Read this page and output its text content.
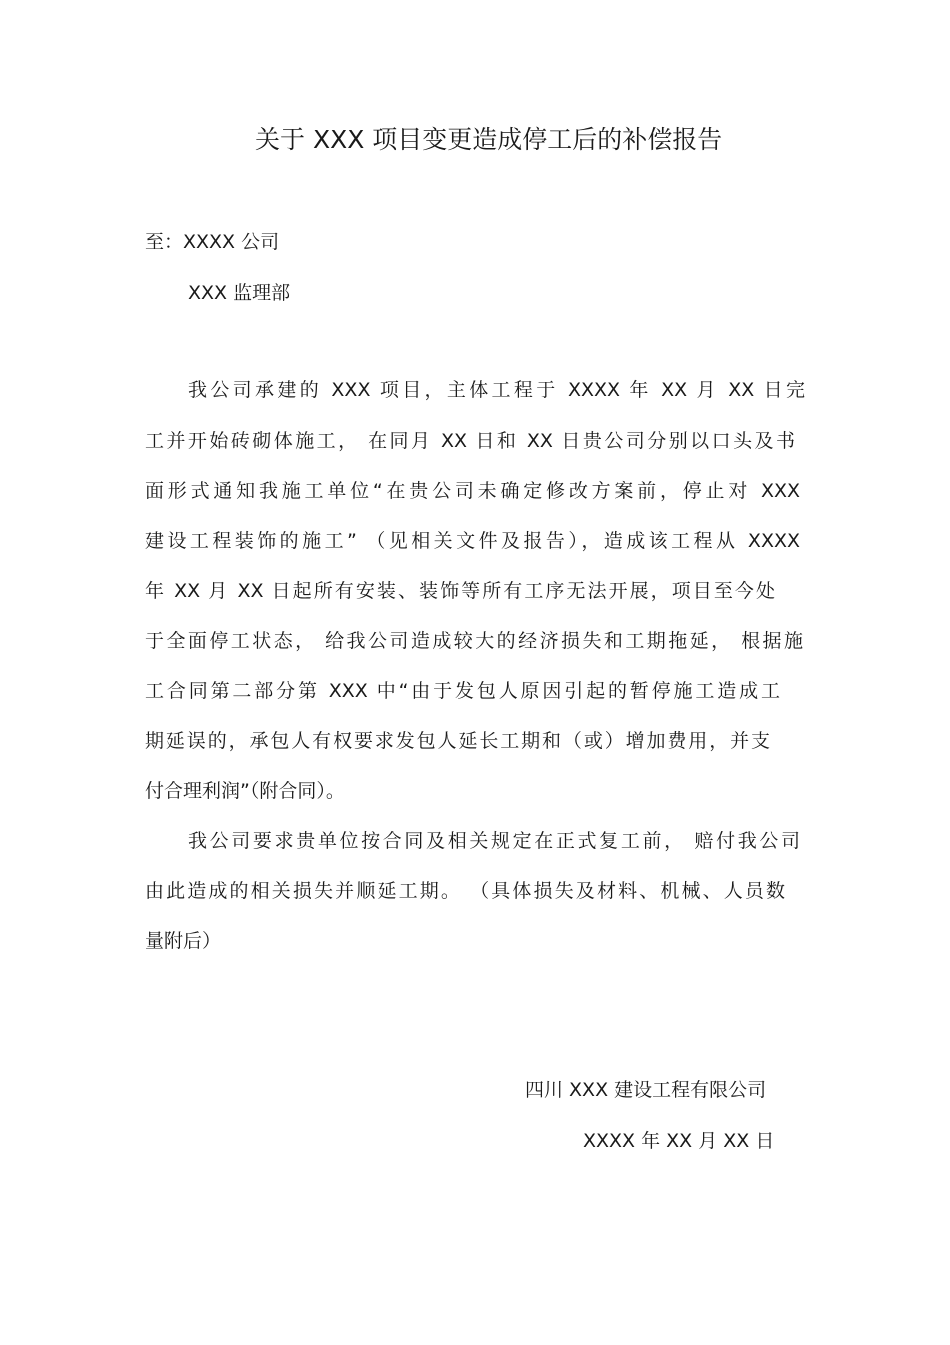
关于 XXX 项目变更造成停工后的补偿报告
至：XXXX 公司
XXX 监理部
我公司承建的 XXX 项目，主体工程于 XXXX 年 XX 月 XX 日完
工并开始砖砌体施工， 在同月 XX 日和 XX 日贵公司分别以口头及书
面形式通知我施工单位“在贵公司未确定修改方案前，停止对 XXX
建设工程装饰的施工” （见相关文件及报告），造成该工程从 XXXX
年 XX 月 XX 日起所有安装、装饰等所有工序无法开展，项目至今处
于全面停工状态， 给我公司造成较大的经济损失和工期拖延， 根据施
工合同第二部分第 XXX 中“由于发包人原因引起的暂停施工造成工
期延误的，承包人有权要求发包人延长工期和（或）增加费用，并支
付合理利润”（附合同）。
我公司要求贵单位按合同及相关规定在正式复工前， 赔付我公司
由此造成的相关损失并顺延工期。 （具体损失及材料、机械、人员数
量附后）
四川 XXX 建设工程有限公司
XXXX 年 XX 月 XX 日
